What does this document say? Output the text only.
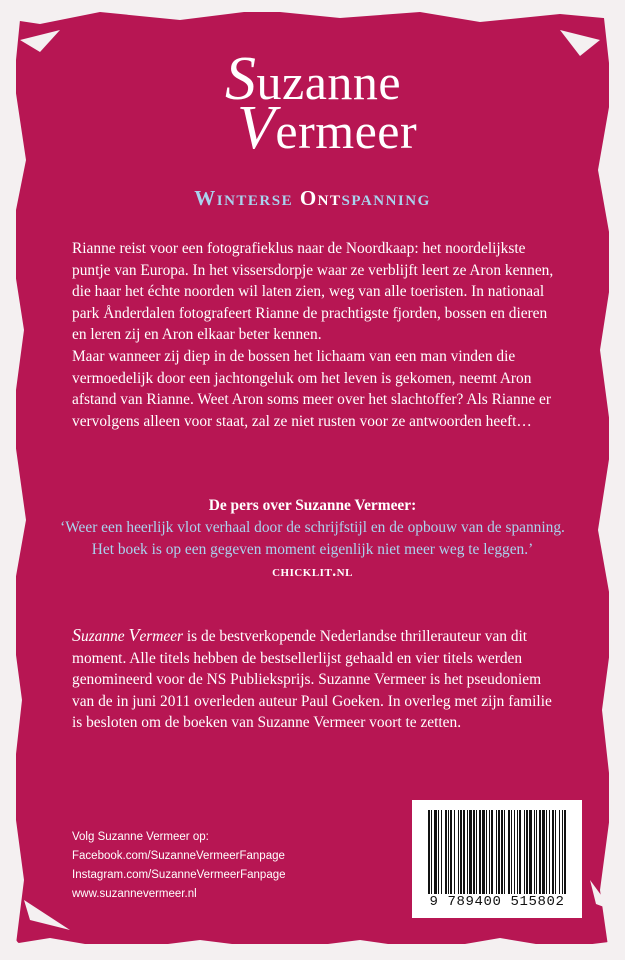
Suzanne
Vermeer
Winterse Ontspanning

Rianne reist voor een fotografieklus naar de Noordkaap: het noordelijkste puntje van Europa. In het vissersdorpje waar ze verblijft leert ze Aron kennen, die haar het échte noorden wil laten zien, weg van alle toeristen. In nationaal park Ånderdalen fotografeert Rianne de prachtigste fjorden, bossen en dieren en leren zij en Aron elkaar beter kennen.

Maar wanneer zij diep in de bossen het lichaam van een man vinden die vermoedelijk door een jachtongeluk om het leven is gekomen, neemt Aron afstand van Rianne. Weet Aron soms meer over het slachtoffer? Als Rianne er vervolgens alleen voor staat, zal ze niet rusten voor ze antwoorden heeft…

De pers over Suzanne Vermeer:
‘Weer een heerlijk vlot verhaal door de schrijfstijl en de opbouw van de spanning. Het boek is op een gegeven moment eigenlijk niet meer weg te leggen.’ chicklit.nl
Suzanne Vermeer is de bestverkopende Nederlandse thrillerauteur van dit moment. Alle titels hebben de bestsellerlijst gehaald en vier titels werden genomineerd voor de NS Publieksprijs. Suzanne Vermeer is het pseudoniem van de in juni 2011 overleden auteur Paul Goeken. In overleg met zijn familie is besloten om de boeken van Suzanne Vermeer voort te zetten.
Volg Suzanne Vermeer op:
Facebook.com/SuzanneVermeerFanpage
Instagram.com/SuzanneVermeerFanpage
www.suzannevermeer.nl	9 789400 515802
